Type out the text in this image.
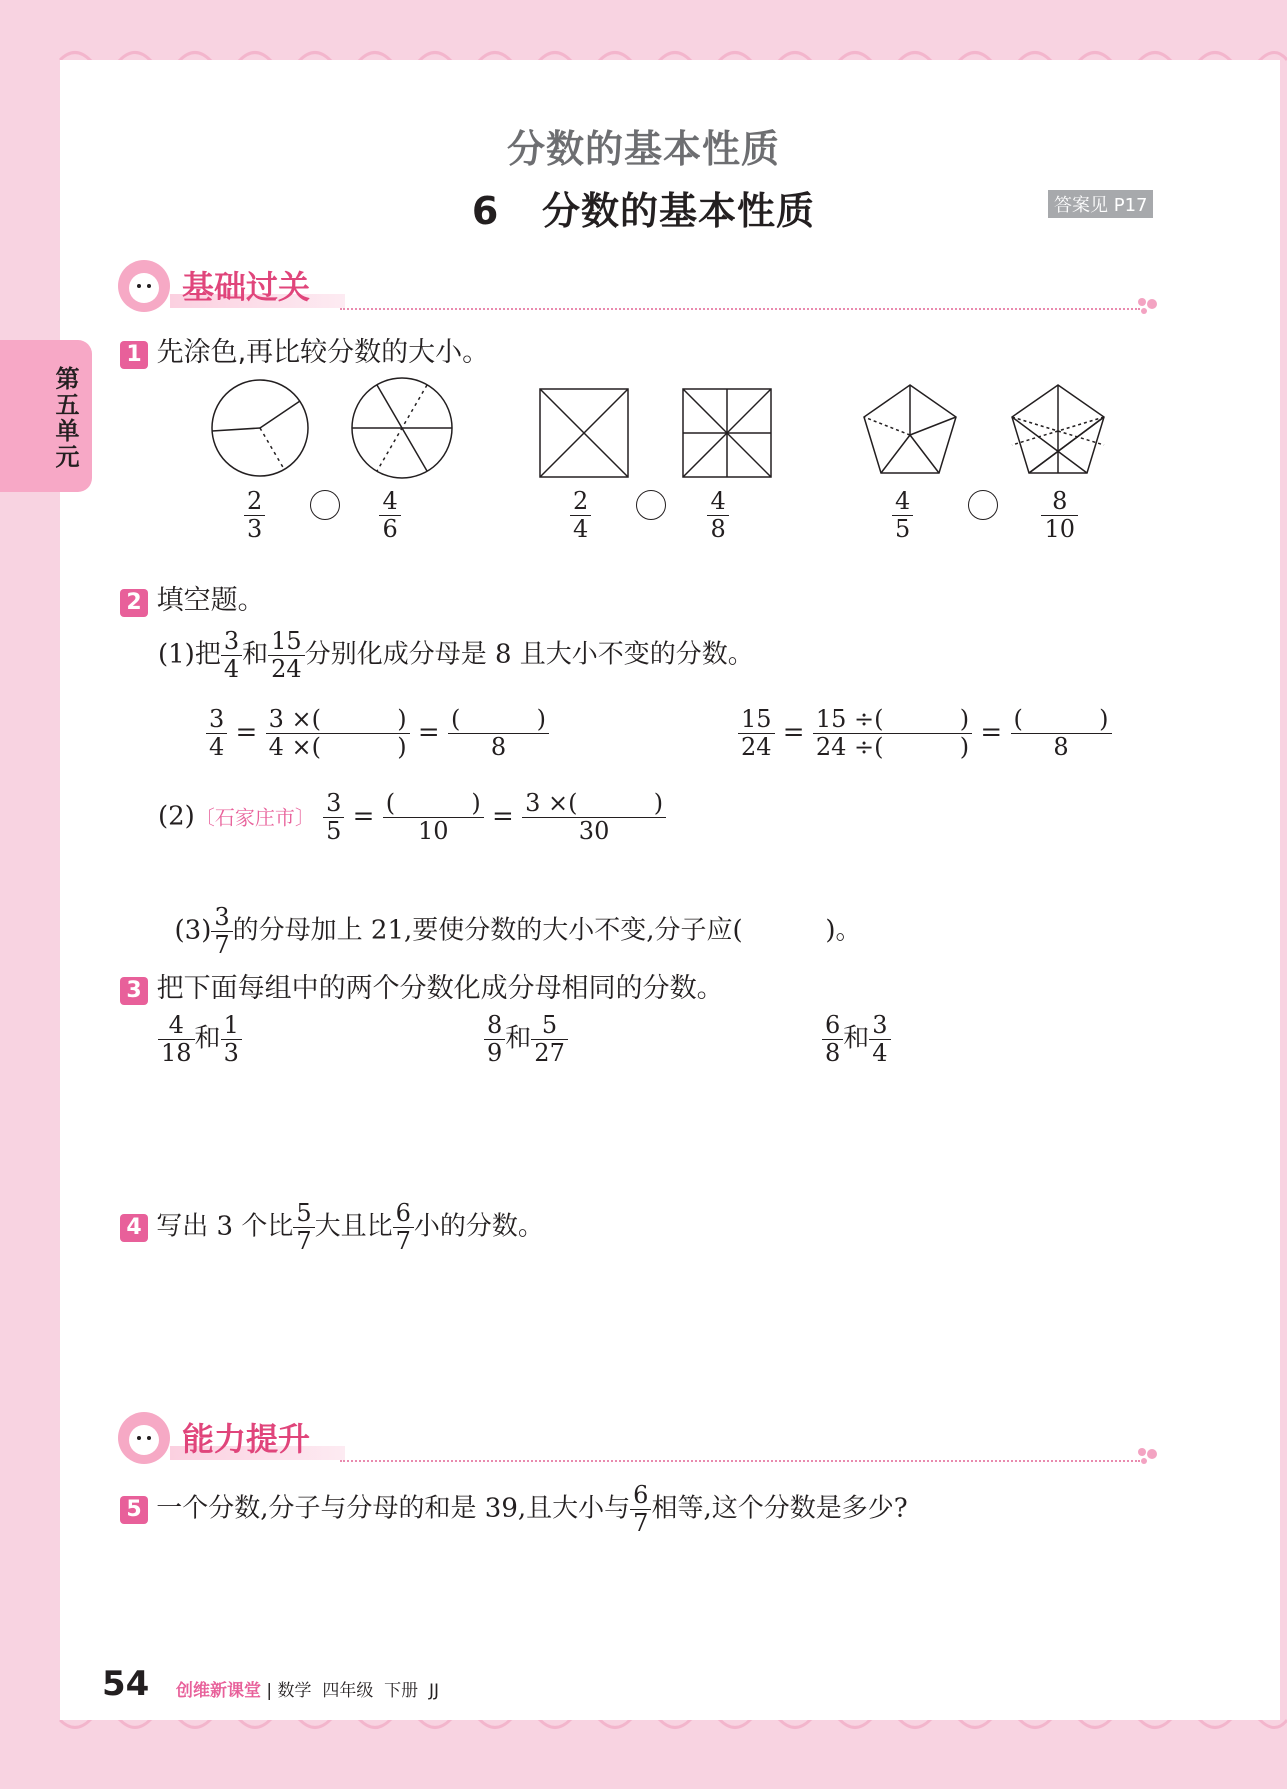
分数的基本性质
6   分数的基本性质	答案见 P17
第五单元
基础过关
1 先涂色,再比较分数的大小。
$\frac{2}{3}$
	$\frac{4}{6}$	$\frac{2}{4}$
	$\frac{4}{8}$	$\frac{4}{5}$
	$\frac{8}{10}$
2 填空题。
(1)把 $\frac{3}{4}$ 和 $\frac{15}{24}$ 分别化成分母是 8 且大小不变的分数。
$\frac{3}{4} = \frac{3 \times( )}{4 \times( )} = \frac{( )}{8}$	$\frac{15}{24} = \frac{15 \div( )}{24 \div( )} = \frac{( )}{8}$
(2)〔石家庄市〕 $\frac{3}{5} = \frac{( )}{10} = \frac{3 \times( )}{30}$

$(3) \frac{3}{7}$ 的分母加上 21,要使分数的大小不变,分子应(          )。

3 把下面每组中的两个分数化成分母相同的分数。
$\frac{4}{18}$ 和 $\frac{1}{3}$	$\frac{8}{9}$ 和 $\frac{5}{27}$	$\frac{6}{8}$ 和 $\frac{3}{4}$
4 写出 3 个比 $\frac{5}{7}$ 大且比 $\frac{6}{7}$ 小的分数。
能力提升
5 一个分数,分子与分母的和是 39,且大小与 $\frac{6}{7}$ 相等,这个分数是多少?
54 创维新课堂 | 数学  四年级  下册  JJ
